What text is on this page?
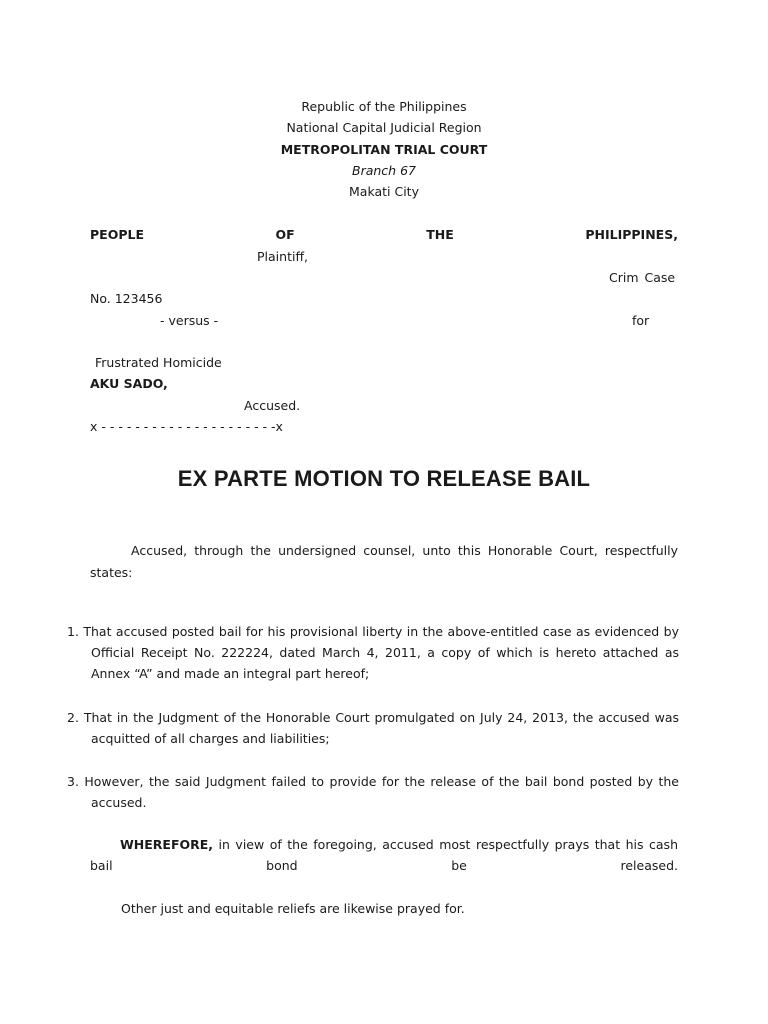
Republic of the Philippines
National Capital Judicial Region
METROPOLITAN TRIAL COURT
Branch 67
Makati City
PEOPLE	OF	THE	PHILIPPINES,
Plaintiff,
Crim Case
No. 123456
- versus -	for
Frustrated Homicide
AKU SADO,
Accused.
x - - - - - - - - - - - - - - - - - - - - -x
EX PARTE MOTION TO RELEASE BAIL
Accused, through the undersigned counsel, unto this Honorable Court, respectfully
states:
1. That accused posted bail for his provisional liberty in the above-entitled case as evidenced by
Official Receipt No. 222224, dated March 4, 2011, a copy of which is hereto attached as Annex “A” and made an integral part hereof;
2. That in the Judgment of the Honorable Court promulgated on July 24, 2013, the accused was
acquitted of all charges and liabilities;
3. However, the said Judgment failed to provide for the release of the bail bond posted by the
accused.
WHEREFORE, in view of the foregoing, accused most respectfully prays that his cash
bail	bond	be	released.
Other just and equitable reliefs are likewise prayed for.
